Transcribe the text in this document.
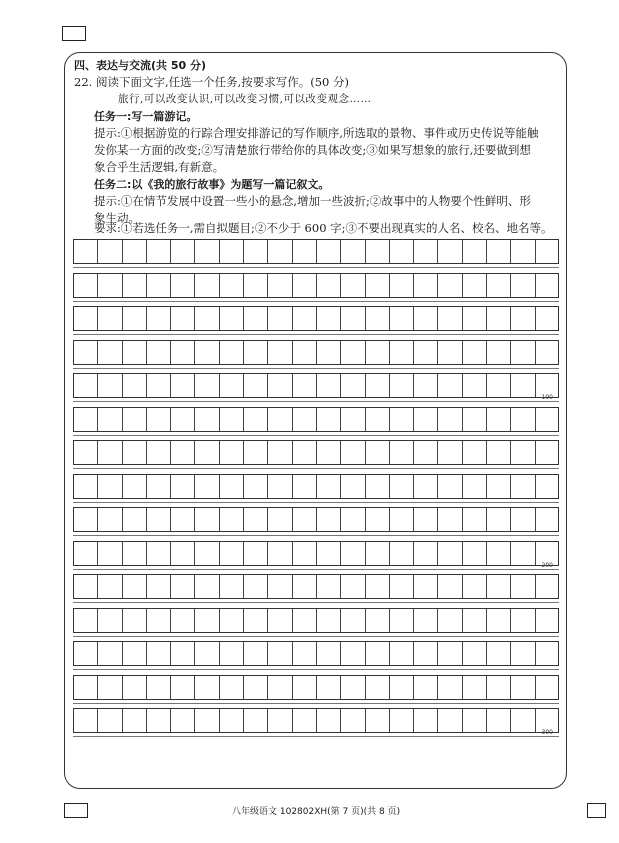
四、表达与交流(共 50 分)
22. 阅读下面文字,任选一个任务,按要求写作。(50 分)
旅行,可以改变认识,可以改变习惯,可以改变观念……
任务一:写一篇游记。
提示:①根据游览的行踪合理安排游记的写作顺序,所选取的景物、事件或历史传说等能触
发你某一方面的改变;②写清楚旅行带给你的具体改变;③如果写想象的旅行,还要做到想
象合乎生活逻辑,有新意。
任务二:以《我的旅行故事》为题写一篇记叙文。
提示:①在情节发展中设置一些小的悬念,增加一些波折;②故事中的人物要个性鲜明、形
象生动。
要求:①若选任务一,需自拟题目;②不少于 600 字;③不要出现真实的人名、校名、地名等。
100
200
300
八年级语文 102802XH(第 7 页)(共 8 页)
